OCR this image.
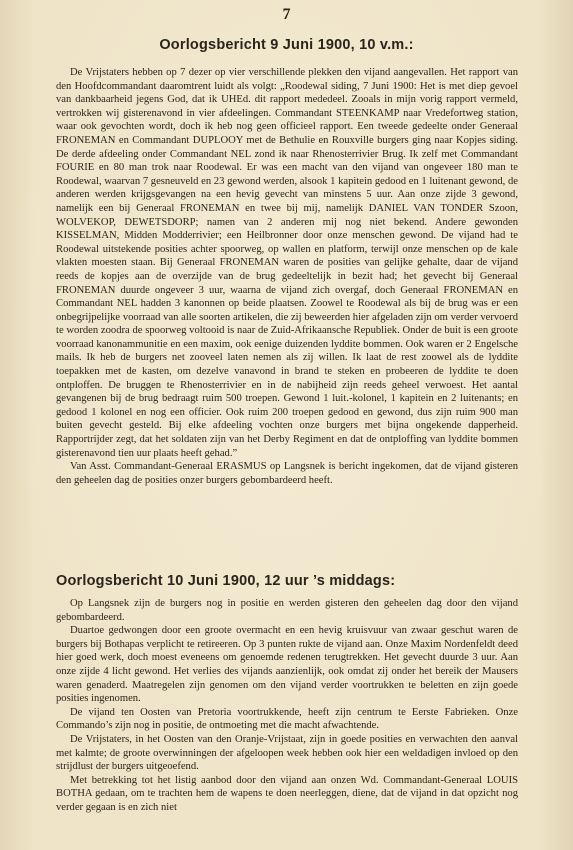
7
Oorlogsbericht 9 Juni 1900, 10 v.m.:

De Vrijstaters hebben op 7 dezer op vier verschillende plekken den vijand aangevallen. Het rapport van den Hoofdcommandant daaromtrent luidt als volgt: „Roodewal siding, 7 Juni 1900: Het is met diep gevoel van dankbaarheid jegens God, dat ik UHEd. dit rapport mededeel. Zooals in mijn vorig rapport vermeld, vertrokken wij gisterenavond in vier afdeelingen. Commandant STEENKAMP naar Vredefortweg station, waar ook gevochten wordt, doch ik heb nog geen officieel rapport. Een tweede gedeelte onder Generaal FRONEMAN en Commandant DUPLOOY met de Bethulie en Rouxville burgers ging naar Kopjes siding. De derde afdeeling onder Commandant NEL zond ik naar Rhenosterrivier Brug. Ik zelf met Commandant FOURIE en 80 man trok naar Roodewal. Er was een macht van den vijand van ongeveer 180 man te Roodewal, waarvan 7 gesneuveld en 23 gewond werden, alsook 1 kapitein gedood en 1 luitenant gewond, de anderen werden krijgsgevangen na een hevig gevecht van minstens 5 uur. Aan onze zijde 3 gewond, namelijk een bij Generaal FRONEMAN en twee bij mij, namelijk DANIEL VAN TONDER Szoon, WOLVEKOP, DEWETSDORP; namen van 2 anderen mij nog niet bekend. Andere gewonden KISSELMAN, Midden Modderrivier; een Heilbronner door onze menschen gewond. De vijand had te Roodewal uitstekende posities achter spoorweg, op wallen en platform, terwijl onze menschen op de kale vlakten moesten staan. Bij Generaal FRONEMAN waren de posities van gelijke gehalte, daar de vijand reeds de kopjes aan de overzijde van de brug gedeeltelijk in bezit had; het gevecht bij Generaal FRONEMAN duurde ongeveer 3 uur, waarna de vijand zich overgaf, doch Generaal FRONEMAN en Commandant NEL hadden 3 kanonnen op beide plaatsen. Zoowel te Roodewal als bij de brug was er een onbegrijpelijke voorraad van alle soorten artikelen, die zij beweerden hier afgeladen zijn om verder vervoerd te worden zoodra de spoorweg voltooid is naar de Zuid-Afrikaansche Republiek. Onder de buit is een groote voorraad kanonammunitie en een maxim, ook eenige duizenden lyddite bommen. Ook waren er 2 Engelsche mails. Ik heb de burgers net zooveel laten nemen als zij willen. Ik laat de rest zoowel als de lyddite toepakken met de kasten, om dezelve vanavond in brand te steken en probeeren de lyddite te doen ontploffen. De bruggen te Rhenosterrivier en in de nabijheid zijn reeds geheel verwoest. Het aantal gevangenen bij de brug bedraagt ruim 500 troepen. Gewond 1 luit.-kolonel, 1 kapitein en 2 luitenants; en gedood 1 kolonel en nog een officier. Ook ruim 200 troepen gedood en gewond, dus zijn ruim 900 man buiten gevecht gesteld. Bij elke afdeeling vochten onze burgers met bijna ongekende dapperheid. Rapportrijder zegt, dat het soldaten zijn van het Derby Regiment en dat de ontploffing van lyddite bommen gisterenavond tien uur plaats heeft gehad.”

Van Asst. Commandant-Generaal ERASMUS op Langsnek is bericht ingekomen, dat de vijand gisteren den geheelen dag de posities onzer burgers gebombardeerd heeft.

Oorlogsbericht 10 Juni 1900, 12 uur ’s middags:

Op Langsnek zijn de burgers nog in positie en werden gisteren den geheelen dag door den vijand gebombardeerd.

Duartoe gedwongen door een groote overmacht en een hevig kruisvuur van zwaar geschut waren de burgers bij Bothapas verplicht te retireeren. Op 3 punten rukte de vijand aan. Onze Maxim Nordenfeldt deed hier goed werk, doch moest eveneens om genoemde redenen terugtrekken. Het gevecht duurde 3 uur. Aan onze zijde 4 licht gewond. Het verlies des vijands aanzienlijk, ook omdat zij onder het bereik der Mausers waren genaderd. Maatregelen zijn genomen om den vijand verder voortrukken te beletten en zijn goede posities ingenomen.

De vijand ten Oosten van Pretoria voortrukkende, heeft zijn centrum te Eerste Fabrieken. Onze Commando’s zijn nog in positie, de ontmoeting met die macht afwachtende.

De Vrijstaters, in het Oosten van den Oranje-Vrijstaat, zijn in goede posities en verwachten den aanval met kalmte; de groote overwinningen der afgeloopen week hebben ook hier een weldadigen invloed op den strijdlust der burgers uitgeoefend.

Met betrekking tot het listig aanbod door den vijand aan onzen Wd. Commandant-Generaal LOUIS BOTHA gedaan, om te trachten hem de wapens te doen neerleggen, diene, dat de vijand in dat opzicht nog verder gegaan is en zich niet
